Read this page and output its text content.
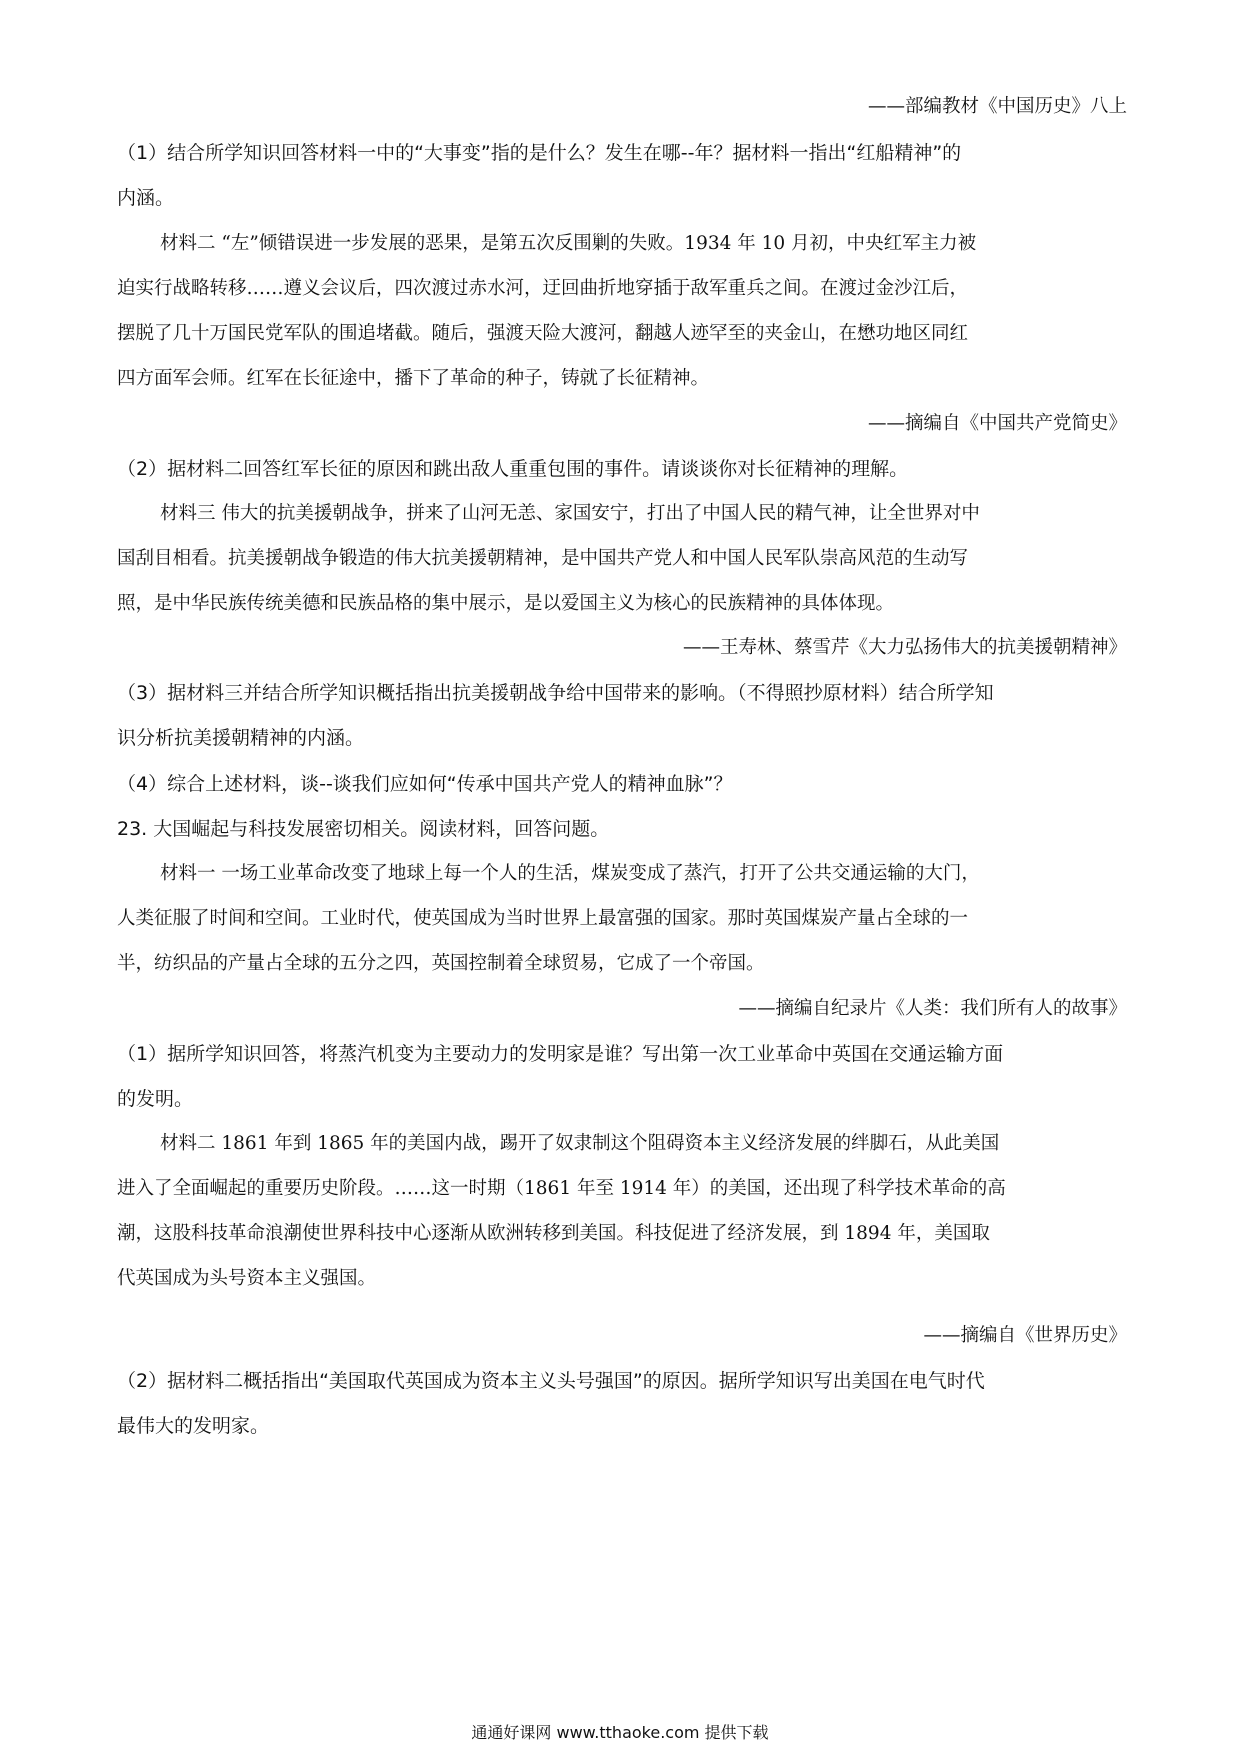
——部编教材《中国历史》八上
（1）结合所学知识回答材料一中的“大事变”指的是什么？发生在哪--年？据材料一指出“红船精神”的
内涵。
材料二 “左”倾错误进一步发展的恶果，是第五次反围剿的失败。1934 年 10 月初，中央红军主力被
迫实行战略转移……遵义会议后，四次渡过赤水河，迂回曲折地穿插于敌军重兵之间。在渡过金沙江后，
摆脱了几十万国民党军队的围追堵截。随后，强渡天险大渡河，翻越人迹罕至的夹金山，在懋功地区同红
四方面军会师。红军在长征途中，播下了革命的种子，铸就了长征精神。
——摘编自《中国共产党简史》
（2）据材料二回答红军长征的原因和跳出敌人重重包围的事件。请谈谈你对长征精神的理解。
材料三 伟大的抗美援朝战争，拼来了山河无恙、家国安宁，打出了中国人民的精气神，让全世界对中
国刮目相看。抗美援朝战争锻造的伟大抗美援朝精神，是中国共产党人和中国人民军队崇高风范的生动写
照，是中华民族传统美德和民族品格的集中展示，是以爱国主义为核心的民族精神的具体体现。
——王寿林、蔡雪芹《大力弘扬伟大的抗美援朝精神》
（3）据材料三并结合所学知识概括指出抗美援朝战争给中国带来的影响。（不得照抄原材料）结合所学知
识分析抗美援朝精神的内涵。
（4）综合上述材料，谈--谈我们应如何“传承中国共产党人的精神血脉”？
23. 大国崛起与科技发展密切相关。阅读材料，回答问题。
材料一 一场工业革命改变了地球上每一个人的生活，煤炭变成了蒸汽，打开了公共交通运输的大门，
人类征服了时间和空间。工业时代，使英国成为当时世界上最富强的国家。那时英国煤炭产量占全球的一
半，纺织品的产量占全球的五分之四，英国控制着全球贸易，它成了一个帝国。
——摘编自纪录片《人类：我们所有人的故事》
（1）据所学知识回答，将蒸汽机变为主要动力的发明家是谁？写出第一次工业革命中英国在交通运输方面
的发明。
材料二 1861 年到 1865 年的美国内战，踢开了奴隶制这个阻碍资本主义经济发展的绊脚石，从此美国
进入了全面崛起的重要历史阶段。……这一时期（1861 年至 1914 年）的美国，还出现了科学技术革命的高
潮，这股科技革命浪潮使世界科技中心逐渐从欧洲转移到美国。科技促进了经济发展，到 1894 年，美国取
代英国成为头号资本主义强国。
——摘编自《世界历史》
（2）据材料二概括指出“美国取代英国成为资本主义头号强国”的原因。据所学知识写出美国在电气时代
最伟大的发明家。
通通好课网 www.tthaoke.com 提供下载
